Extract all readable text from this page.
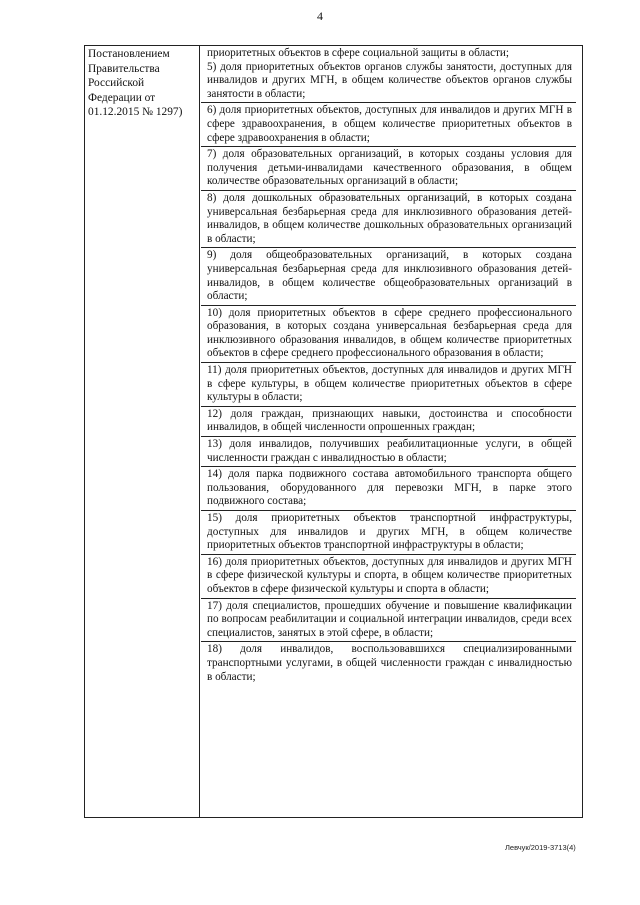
4
Постановлением
Правительства
Российской
Федерации от
01.12.2015 № 1297)
приоритетных объектов в сфере социальной защиты в области;
5) доля приоритетных объектов органов службы занятости, доступных для инвалидов и других МГН, в общем количестве объектов органов службы занятости в области;
6) доля приоритетных объектов, доступных для инвалидов и других МГН в сфере здравоохранения, в общем количестве приоритетных объектов в сфере здравоохранения в области;
7) доля образовательных организаций, в которых созданы условия для получения детьми-инвалидами качественного образования, в общем количестве образовательных организаций в области;
8) доля дошкольных образовательных организаций, в которых создана универсальная безбарьерная среда для инклюзивного образования детей-инвалидов, в общем количестве дошкольных образовательных организаций в области;
9) доля общеобразовательных организаций, в которых создана универсальная безбарьерная среда для инклюзивного образования детей-инвалидов, в общем количестве общеобразовательных организаций в области;
10) доля приоритетных объектов в сфере среднего профессионального образования, в которых создана универсальная безбарьерная среда для инклюзивного образования инвалидов, в общем количестве приоритетных объектов в сфере среднего профессионального образования в области;
11) доля приоритетных объектов, доступных для инвалидов и других МГН в сфере культуры, в общем количестве приоритетных объектов в сфере культуры в области;
12) доля граждан, признающих навыки, достоинства и способности инвалидов, в общей численности опрошенных граждан;
13) доля инвалидов, получивших реабилитационные услуги, в общей численности граждан с инвалидностью в области;
14) доля парка подвижного состава автомобильного транспорта общего пользования, оборудованного для перевозки МГН, в парке этого подвижного состава;
15) доля приоритетных объектов транспортной инфраструктуры, доступных для инвалидов и других МГН, в общем количестве приоритетных объектов транспортной инфраструктуры в области;
16) доля приоритетных объектов, доступных для инвалидов и других МГН в сфере физической культуры и спорта, в общем количестве приоритетных объектов в сфере физической культуры и спорта в области;
17) доля специалистов, прошедших обучение и повышение квалификации по вопросам реабилитации и социальной интеграции инвалидов, среди всех специалистов, занятых в этой сфере, в области;
18) доля инвалидов, воспользовавшихся специализированными транспортными услугами, в общей численности граждан с инвалидностью в области;
Левчук/2019-3713(4)
